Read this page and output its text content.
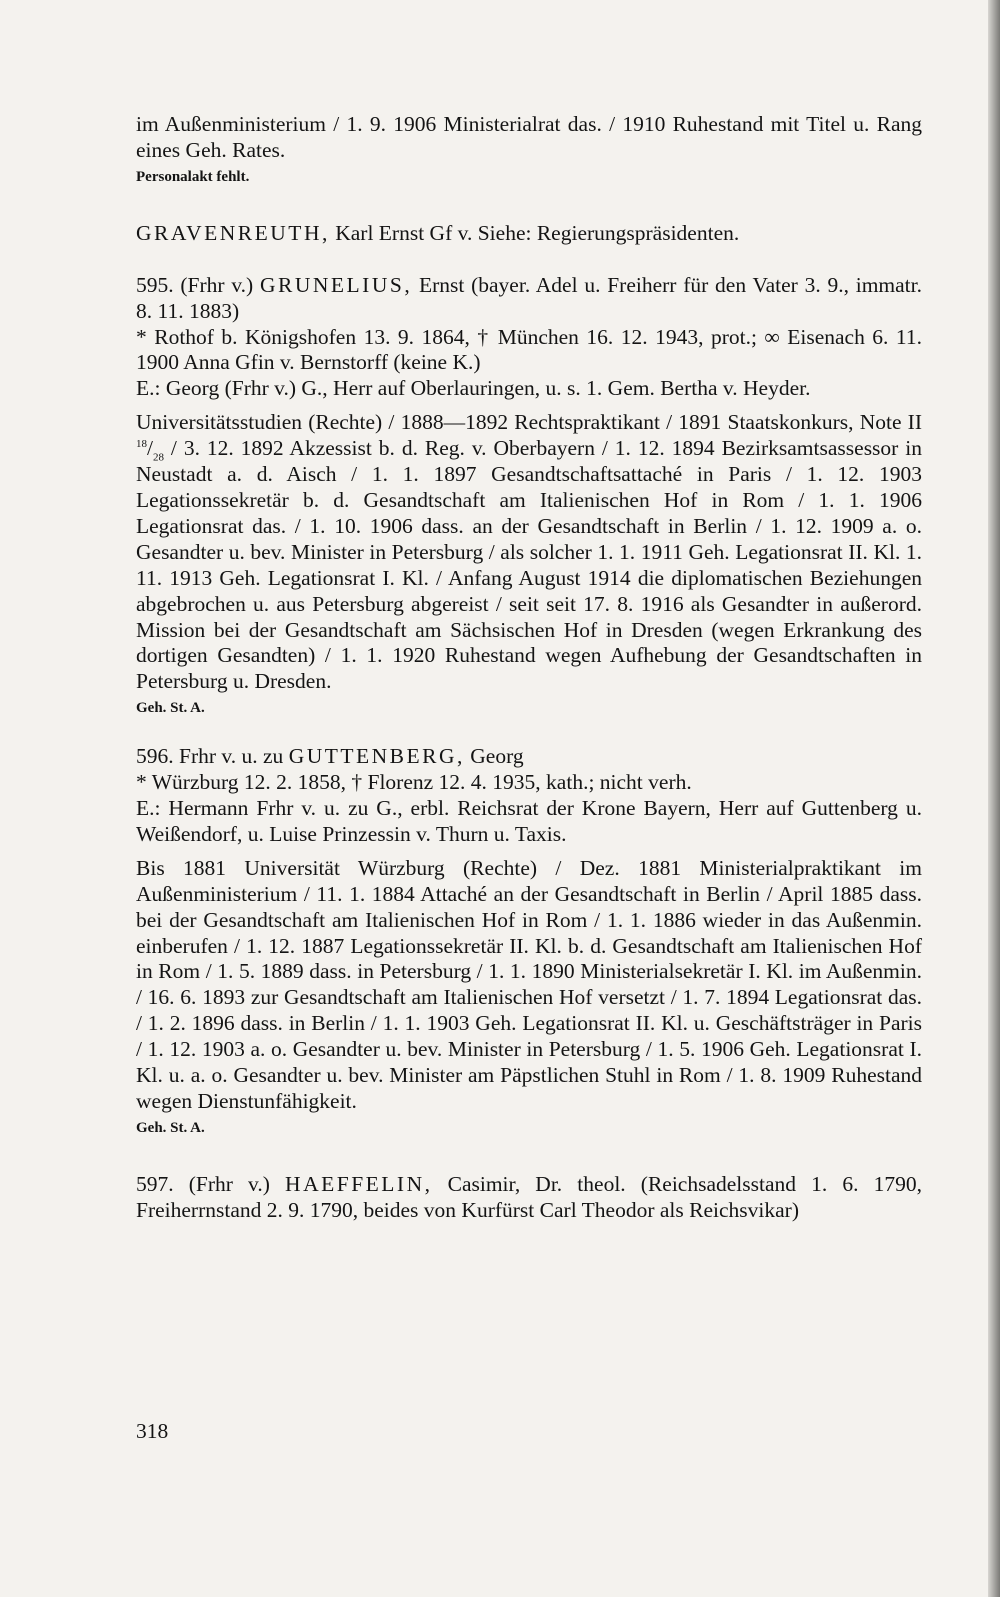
im Außenministerium / 1. 9. 1906 Ministerialrat das. / 1910 Ruhestand mit Titel u. Rang eines Geh. Rates.

Personalakt fehlt.

GRAVENREUTH, Karl Ernst Gf v. Siehe: Regierungspräsidenten.

595. (Frhr v.) GRUNELIUS, Ernst (bayer. Adel u. Freiherr für den Vater 3. 9., immatr. 8. 11. 1883)

* Rothof b. Königshofen 13. 9. 1864, † München 16. 12. 1943, prot.; ∞ Eisenach 6. 11. 1900 Anna Gfin v. Bernstorff (keine K.)

E.: Georg (Frhr v.) G., Herr auf Oberlauringen, u. s. 1. Gem. Bertha v. Heyder.

Universitätsstudien (Rechte) / 1888—1892 Rechtspraktikant / 1891 Staatskonkurs, Note II $^{18}/_{28} / 3$. 12. 1892 Akzessist b. d. Reg. v. Oberbayern / 1. 12. 1894 Bezirksamtsassessor in Neustadt a. d. Aisch / 1. 1. 1897 Gesandtschaftsattaché in Paris / 1. 12. 1903 Legationssekretär b. d. Gesandtschaft am Italienischen Hof in Rom / 1. 1. 1906 Legationsrat das. / 1. 10. 1906 dass. an der Gesandtschaft in Berlin / 1. 12. 1909 a. o. Gesandter u. bev. Minister in Petersburg / als solcher 1. 1. 1911 Geh. Legationsrat II. Kl. 1. 11. 1913 Geh. Legationsrat I. Kl. / Anfang August 1914 die diplomatischen Beziehungen abgebrochen u. aus Petersburg abgereist / seit seit 17. 8. 1916 als Gesandter in außerord. Mission bei der Gesandtschaft am Sächsischen Hof in Dresden (wegen Erkrankung des dortigen Gesandten) / 1. 1. 1920 Ruhestand wegen Aufhebung der Gesandtschaften in Petersburg u. Dresden.

Geh. St. A.

596. Frhr v. u. zu GUTTENBERG, Georg

* Würzburg 12. 2. 1858, † Florenz 12. 4. 1935, kath.; nicht verh.

E.: Hermann Frhr v. u. zu G., erbl. Reichsrat der Krone Bayern, Herr auf Guttenberg u. Weißendorf, u. Luise Prinzessin v. Thurn u. Taxis.

Bis 1881 Universität Würzburg (Rechte) / Dez. 1881 Ministerialpraktikant im Außenministerium / 11. 1. 1884 Attaché an der Gesandtschaft in Berlin / April 1885 dass. bei der Gesandtschaft am Italienischen Hof in Rom / 1. 1. 1886 wieder in das Außenmin. einberufen / 1. 12. 1887 Legationssekretär II. Kl. b. d. Gesandtschaft am Italienischen Hof in Rom / 1. 5. 1889 dass. in Petersburg / 1. 1. 1890 Ministerialsekretär I. Kl. im Außenmin. / 16. 6. 1893 zur Gesandtschaft am Italienischen Hof versetzt / 1. 7. 1894 Legationsrat das. / 1. 2. 1896 dass. in Berlin / 1. 1. 1903 Geh. Legationsrat II. Kl. u. Geschäftsträger in Paris / 1. 12. 1903 a. o. Gesandter u. bev. Minister in Petersburg / 1. 5. 1906 Geh. Legationsrat I. Kl. u. a. o. Gesandter u. bev. Minister am Päpstlichen Stuhl in Rom / 1. 8. 1909 Ruhestand wegen Dienstunfähigkeit.

Geh. St. A.

597. (Frhr v.) HAEFFELIN, Casimir, Dr. theol. (Reichsadelsstand 1. 6. 1790, Freiherrnstand 2. 9. 1790, beides von Kurfürst Carl Theodor als Reichsvikar)

318
